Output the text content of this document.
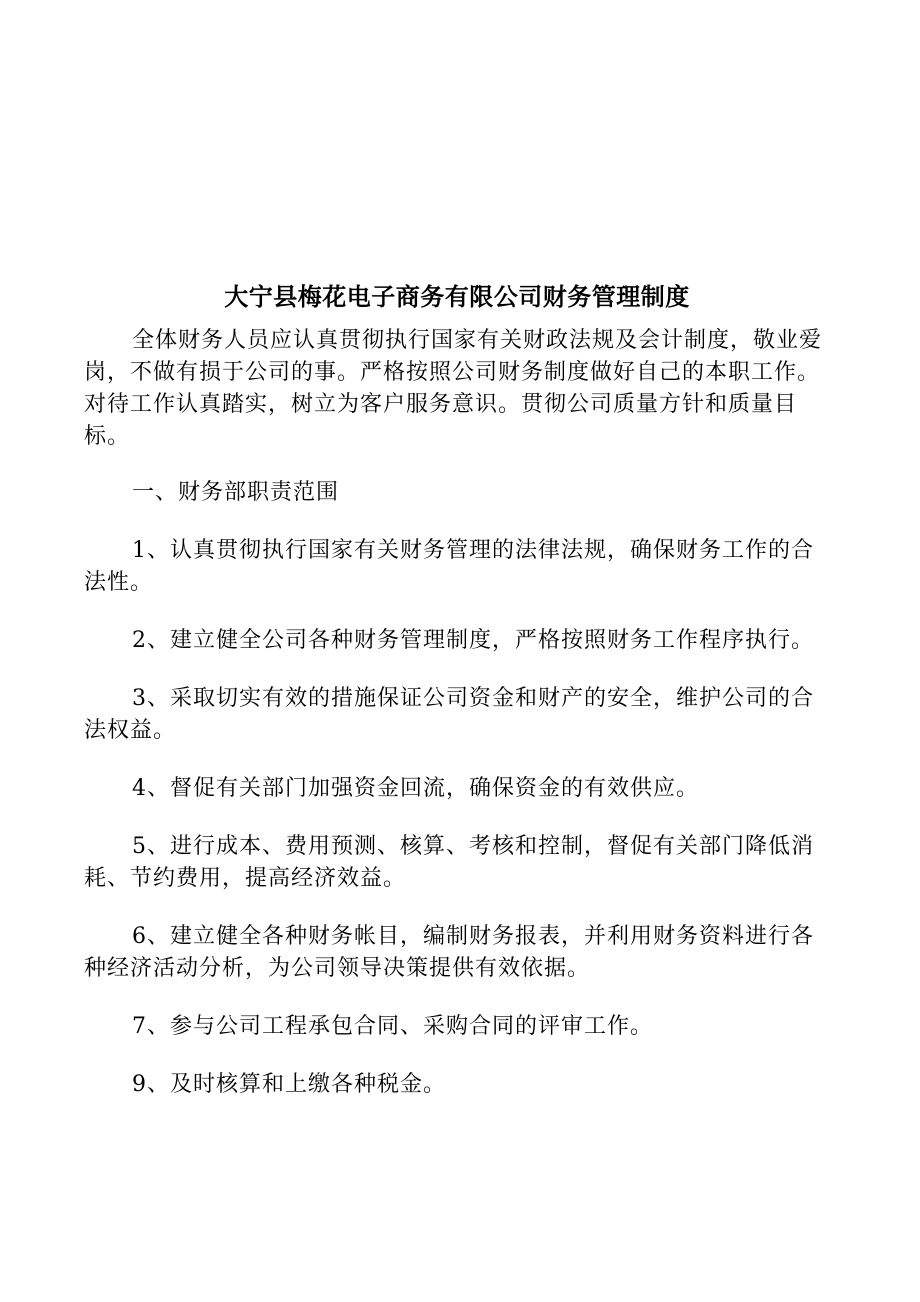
大宁县梅花电子商务有限公司财务管理制度

全体财务人员应认真贯彻执行国家有关财政法规及会计制度，敬业爱岗，不做有损于公司的事。严格按照公司财务制度做好自己的本职工作。对待工作认真踏实，树立为客户服务意识。贯彻公司质量方针和质量目标。

一、财务部职责范围

1、认真贯彻执行国家有关财务管理的法律法规，确保财务工作的合法性。

2、建立健全公司各种财务管理制度，严格按照财务工作程序执行。

3、采取切实有效的措施保证公司资金和财产的安全，维护公司的合法权益。

4、督促有关部门加强资金回流，确保资金的有效供应。

5、进行成本、费用预测、核算、考核和控制，督促有关部门降低消耗、节约费用，提高经济效益。

6、建立健全各种财务帐目，编制财务报表，并利用财务资料进行各种经济活动分析，为公司领导决策提供有效依据。

7、参与公司工程承包合同、采购合同的评审工作。

9、及时核算和上缴各种税金。
